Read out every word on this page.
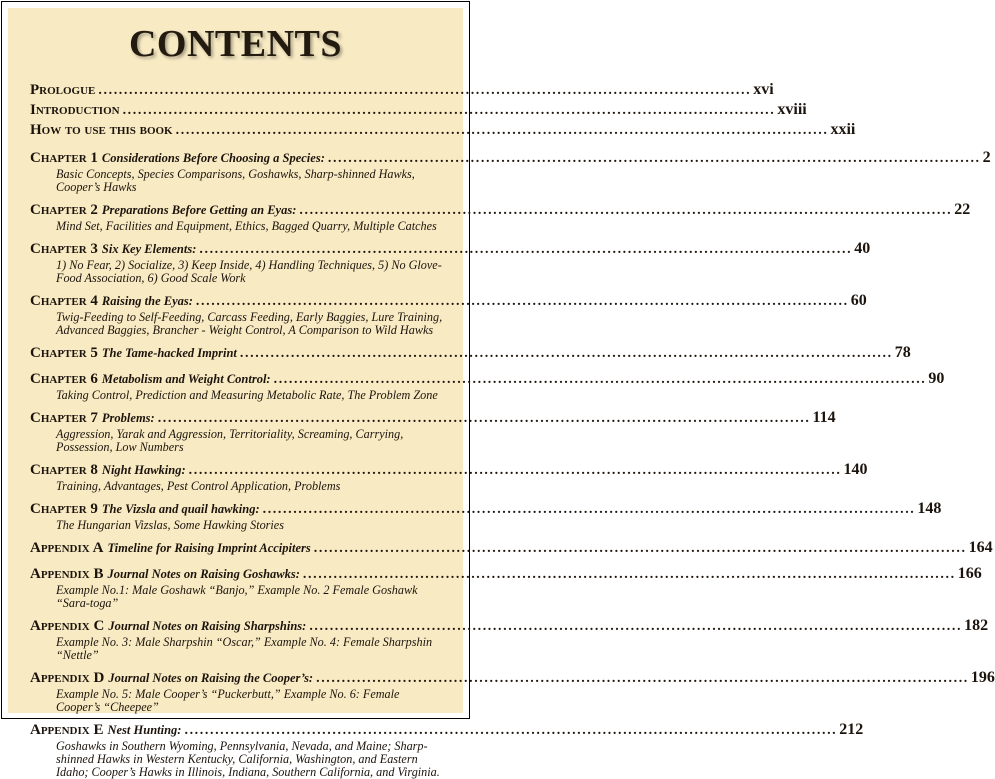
CONTENTS
Prologue .....	xvi
Introduction .....	xviii
How to use this book .....	xxii
Chapter 1 Considerations Before Choosing a Species: .....	2
Basic Concepts, Species Comparisons, Goshawks, Sharp-shinned Hawks, Cooper’s Hawks
Chapter 2 Preparations Before Getting an Eyas: .....	22
Mind Set, Facilities and Equipment, Ethics, Bagged Quarry, Multiple Catches
Chapter 3 Six Key Elements: .....	40
1) No Fear, 2) Socialize, 3) Keep Inside, 4) Handling Techniques, 5) No Glove-Food Association, 6) Good Scale Work
Chapter 4 Raising the Eyas: .....	60
Twig-Feeding to Self-Feeding, Carcass Feeding, Early Baggies, Lure Training, Advanced Baggies, Brancher - Weight Control, A Comparison to Wild Hawks
Chapter 5 The Tame-hacked Imprint .....	78
Chapter 6 Metabolism and Weight Control: .....	90
Taking Control, Prediction and Measuring Metabolic Rate, The Problem Zone
Chapter 7 Problems: .....	114
Aggression, Yarak and Aggression, Territoriality, Screaming, Carrying, Possession, Low Numbers
Chapter 8 Night Hawking: .....	140
Training, Advantages, Pest Control Application, Problems
Chapter 9 The Vizsla and quail hawking: .....	148
The Hungarian Vizslas, Some Hawking Stories
Appendix A Timeline for Raising Imprint Accipiters .....	164
Appendix B Journal Notes on Raising Goshawks: .....	166
Example No.1: Male Goshawk “Banjo,” Example No. 2 Female Goshawk “Sara-toga”
Appendix C Journal Notes on Raising Sharpshins: .....	182
Example No. 3: Male Sharpshin “Oscar,” Example No. 4: Female Sharpshin “Nettle”
Appendix D Journal Notes on Raising the Cooper’s: .....	196
Example No. 5: Male Cooper’s “Puckerbutt,” Example No. 6: Female Cooper’s “Cheepee”
Appendix E Nest Hunting: .....	212
Goshawks in Southern Wyoming, Pennsylvania, Nevada, and Maine; Sharp-shinned Hawks in Western Kentucky, California, Washington, and Eastern Idaho; Cooper’s Hawks in Illinois, Indiana, Southern California, and Virginia.
